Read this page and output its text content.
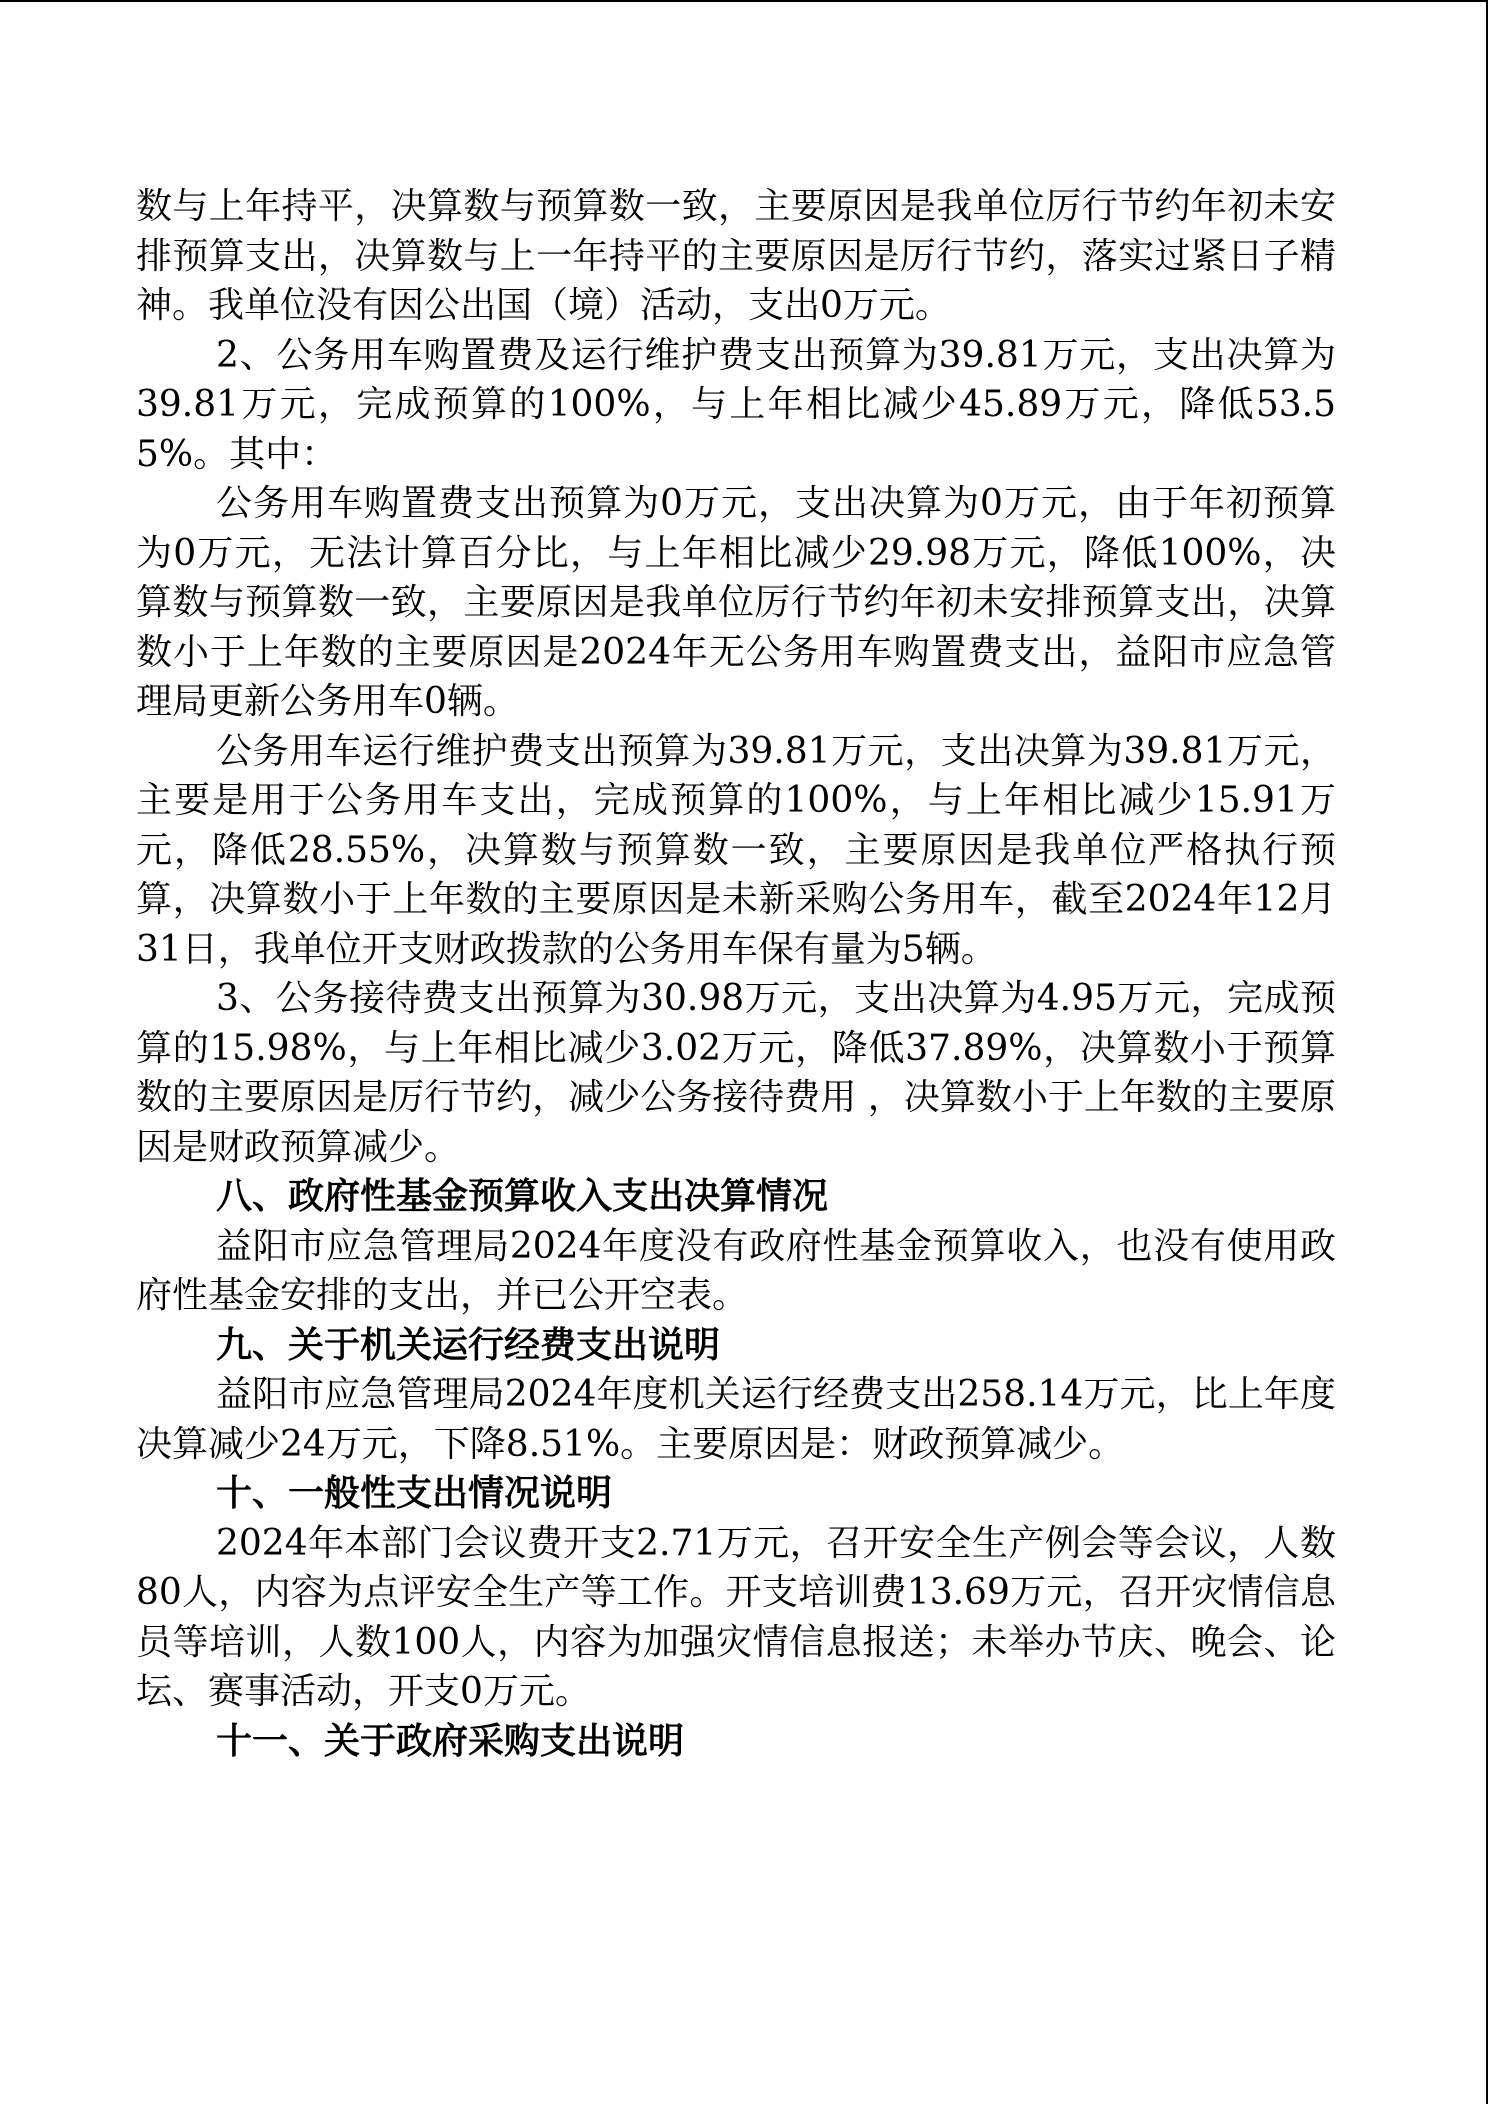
数与上年持平，决算数与预算数一致，主要原因是我单位厉行节约年初未安排预算支出，决算数与上一年持平的主要原因是厉行节约，落实过紧日子精神。我单位没有因公出国（境）活动，支出0万元。

2、公务用车购置费及运行维护费支出预算为39.81万元，支出决算为39.81万元，完成预算的100%，与上年相比减少45.89万元，降低53.55%。其中：

公务用车购置费支出预算为0万元，支出决算为0万元，由于年初预算为0万元，无法计算百分比，与上年相比减少29.98万元，降低100%，决算数与预算数一致，主要原因是我单位厉行节约年初未安排预算支出，决算数小于上年数的主要原因是2024年无公务用车购置费支出，益阳市应急管理局更新公务用车0辆。

公务用车运行维护费支出预算为39.81万元，支出决算为39.81万元，主要是用于公务用车支出，完成预算的100%，与上年相比减少15.91万元，降低28.55%，决算数与预算数一致，主要原因是我单位严格执行预算，决算数小于上年数的主要原因是未新采购公务用车，截至2024年12月31日，我单位开支财政拨款的公务用车保有量为5辆。

3、公务接待费支出预算为30.98万元，支出决算为4.95万元，完成预算的15.98%，与上年相比减少3.02万元，降低37.89%，决算数小于预算数的主要原因是厉行节约，减少公务接待费用 ，决算数小于上年数的主要原因是财政预算减少。

八、政府性基金预算收入支出决算情况

益阳市应急管理局2024年度没有政府性基金预算收入，也没有使用政府性基金安排的支出，并已公开空表。

九、关于机关运行经费支出说明

益阳市应急管理局2024年度机关运行经费支出258.14万元，比上年度决算减少24万元，下降8.51%。主要原因是：财政预算减少。

十、一般性支出情况说明

2024年本部门会议费开支2.71万元，召开安全生产例会等会议，人数80人，内容为点评安全生产等工作。开支培训费13.69万元，召开灾情信息员等培训，人数100人，内容为加强灾情信息报送；未举办节庆、晚会、论坛、赛事活动，开支0万元。

十一、关于政府采购支出说明
